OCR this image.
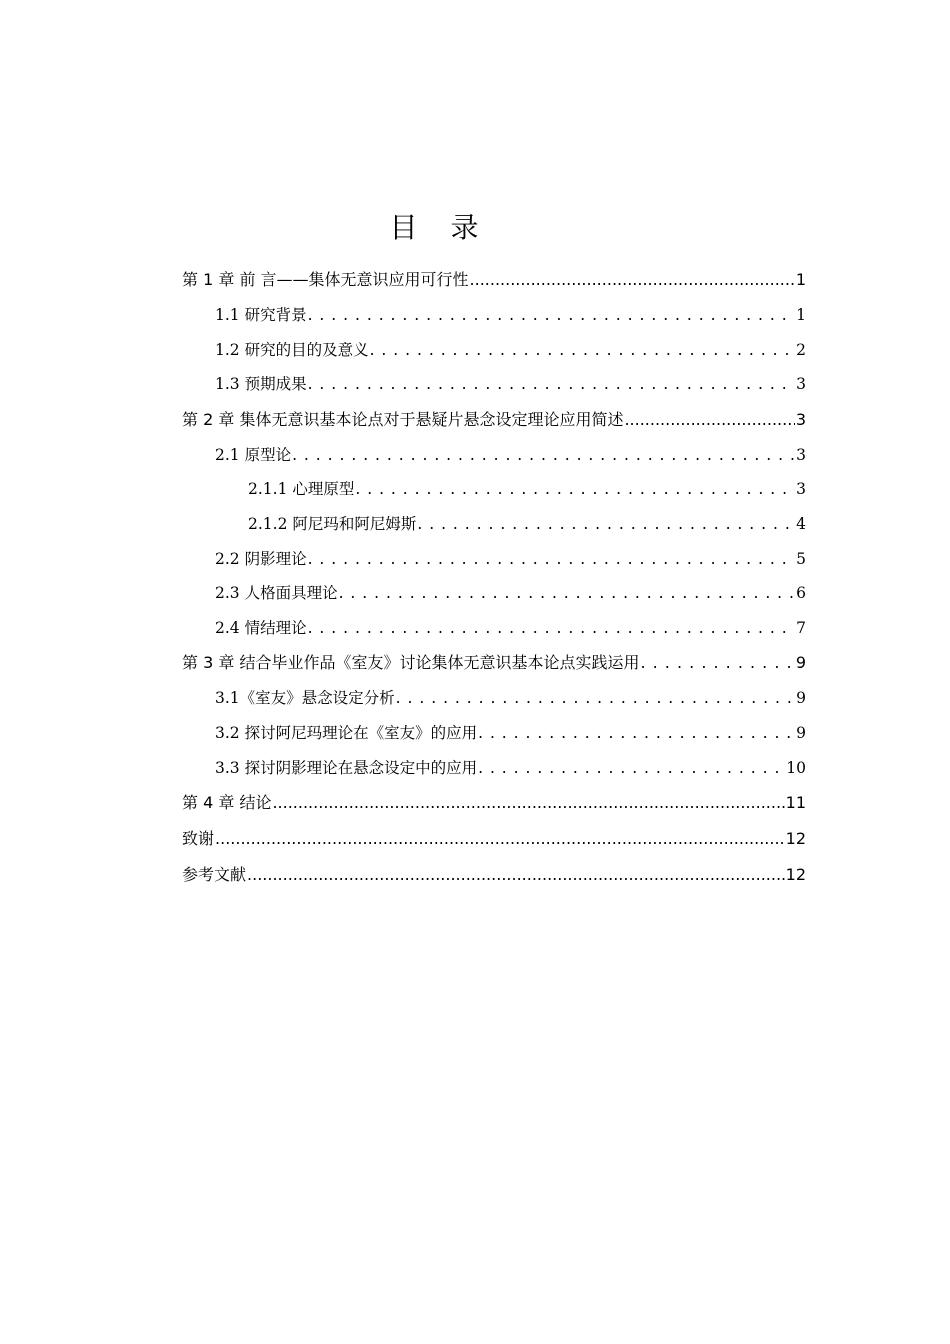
目 录
第 1 章 前 言——集体无意识应用可行性 .....	1
1.1 研究背景 . . .	1
1.2 研究的目的及意义 . . .	2
1.3 预期成果 . . .	3
第 2 章 集体无意识基本论点对于悬疑片悬念设定理论应用简述 .....	3
2.1 原型论 . . .	3
2.1.1 心理原型 . . .	3
2.1.2 阿尼玛和阿尼姆斯 . . .	4
2.2 阴影理论 . . .	5
2.3 人格面具理论 . . .	6
2.4 情结理论 . . .	7
第 3 章 结合毕业作品《室友》讨论集体无意识基本论点实践运用 . . .	9
3.1《室友》悬念设定分析 . . .	9
3.2 探讨阿尼玛理论在《室友》的应用 . . .	9
3.3 探讨阴影理论在悬念设定中的应用 . . .	10
第 4 章 结论 .....	11
致谢 .....	12
参考文献 .....	12
